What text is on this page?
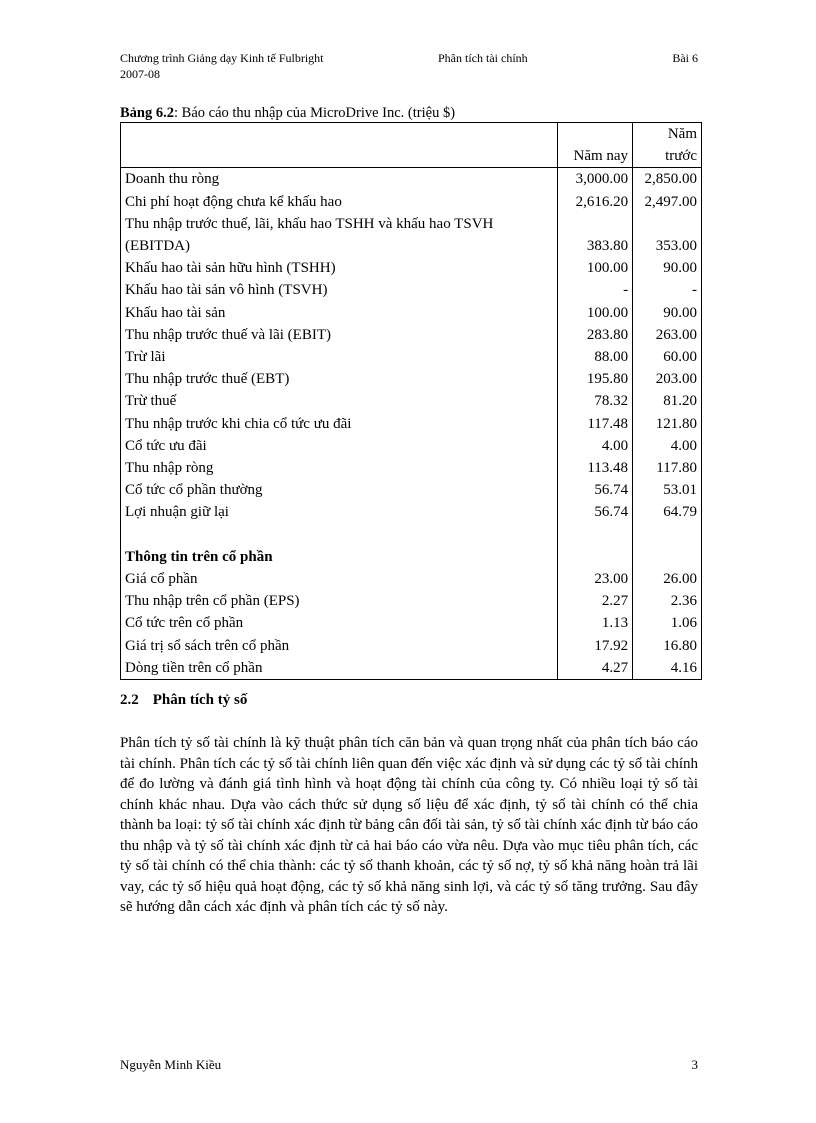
Chương trình Giảng dạy Kinh tế Fulbright	Phân tích tài chính	Bài 6
2007-08
Bảng 6.2: Báo cáo thu nhập của MicroDrive Inc. (triệu $)
	Năm nay	Năm trước
Doanh thu ròng	3,000.00	2,850.00
Chi phí hoạt động chưa kể khấu hao	2,616.20	2,497.00
Thu nhập trước thuế, lãi, khấu hao TSHH và khấu hao TSVH (EBITDA)	383.80	353.00
Khấu hao tài sản hữu hình (TSHH)	100.00	90.00
Khấu hao tài sản vô hình (TSVH)	-	-
Khấu hao tài sản	100.00	90.00
Thu nhập trước thuế và lãi (EBIT)	283.80	263.00
Trừ lãi	88.00	60.00
Thu nhập trước thuế (EBT)	195.80	203.00
Trừ thuế	78.32	81.20
Thu nhập trước khi chia cổ tức ưu đãi	117.48	121.80
Cổ tức ưu đãi	4.00	4.00
Thu nhập ròng	113.48	117.80
Cổ tức cổ phần thường	56.74	53.01
Lợi nhuận giữ lại	56.74	64.79

Thông tin trên cổ phần		
Giá cổ phần	23.00	26.00
Thu nhập trên cổ phần (EPS)	2.27	2.36
Cổ tức trên cổ phần	1.13	1.06
Giá trị sổ sách trên cổ phần	17.92	16.80
Dòng tiền trên cổ phần	4.27	4.16
2.2 Phân tích tỷ số
Phân tích tỷ số tài chính là kỹ thuật phân tích căn bản và quan trọng nhất của phân tích báo cáo tài chính. Phân tích các tỷ số tài chính liên quan đến việc xác định và sử dụng các tỷ số tài chính để đo lường và đánh giá tình hình và hoạt động tài chính của công ty. Có nhiều loại tỷ số tài chính khác nhau. Dựa vào cách thức sử dụng số liệu để xác định, tỷ số tài chính có thể chia thành ba loại: tỷ số tài chính xác định từ bảng cân đối tài sản, tỷ số tài chính xác định từ báo cáo thu nhập và tỷ số tài chính xác định từ cả hai báo cáo vừa nêu. Dựa vào mục tiêu phân tích, các tỷ số tài chính có thể chia thành: các tỷ số thanh khoản, các tỷ số nợ, tỷ số khả năng hoàn trả lãi vay, các tỷ số hiệu quả hoạt động, các tỷ số khả năng sinh lợi, và các tỷ số tăng trưởng. Sau đây sẽ hướng dẫn cách xác định và phân tích các tỷ số này.
Nguyễn Minh Kiều	3
